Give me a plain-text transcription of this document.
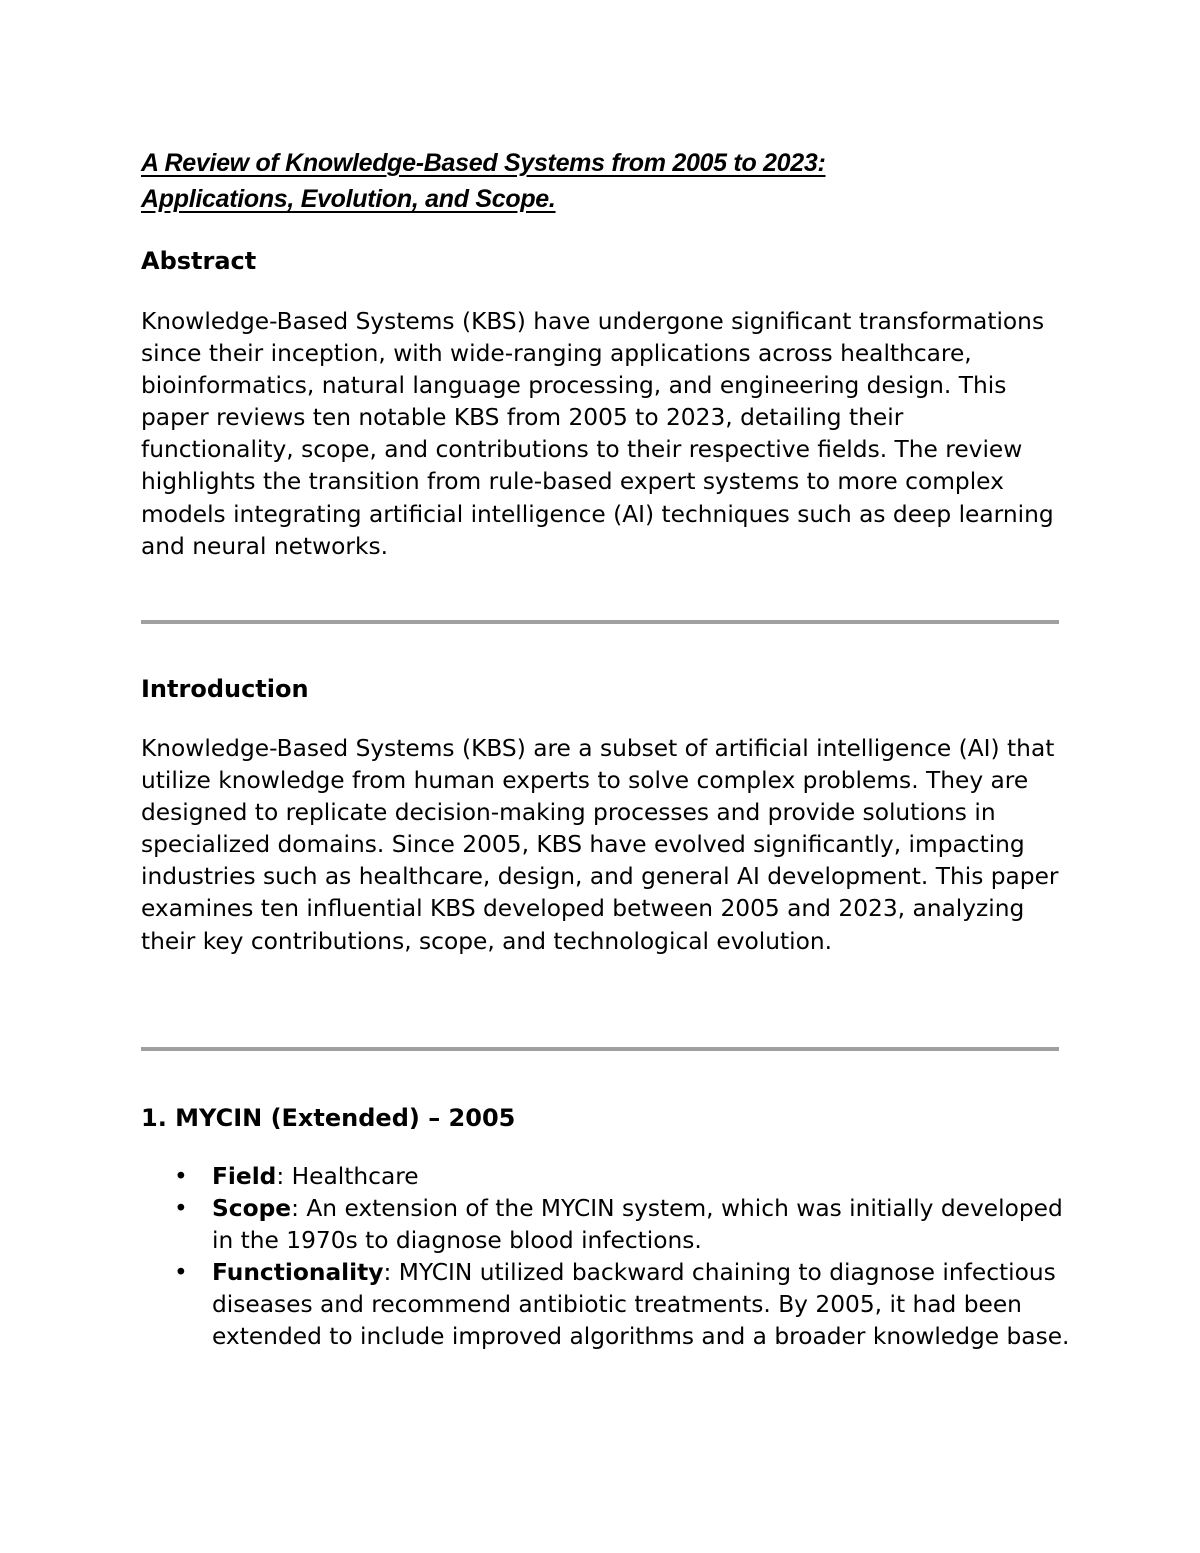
A Review of Knowledge-Based Systems from 2005 to 2023:
Applications, Evolution, and Scope.
Abstract

Knowledge-Based Systems (KBS) have undergone significant transformations since their inception, with wide-ranging applications across healthcare, bioinformatics, natural language processing, and engineering design. This paper reviews ten notable KBS from 2005 to 2023, detailing their functionality, scope, and contributions to their respective fields. The review highlights the transition from rule-based expert systems to more complex models integrating artificial intelligence (AI) techniques such as deep learning and neural networks.

Introduction

Knowledge-Based Systems (KBS) are a subset of artificial intelligence (AI) that utilize knowledge from human experts to solve complex problems. They are designed to replicate decision-making processes and provide solutions in specialized domains. Since 2005, KBS have evolved significantly, impacting industries such as healthcare, design, and general AI development. This paper examines ten influential KBS developed between 2005 and 2023, analyzing their key contributions, scope, and technological evolution.

1. MYCIN (Extended) – 2005
• Field: Healthcare
• Scope: An extension of the MYCIN system, which was initially developed in the 1970s to diagnose blood infections.
• Functionality: MYCIN utilized backward chaining to diagnose infectious diseases and recommend antibiotic treatments. By 2005, it had been extended to include improved algorithms and a broader knowledge base.
